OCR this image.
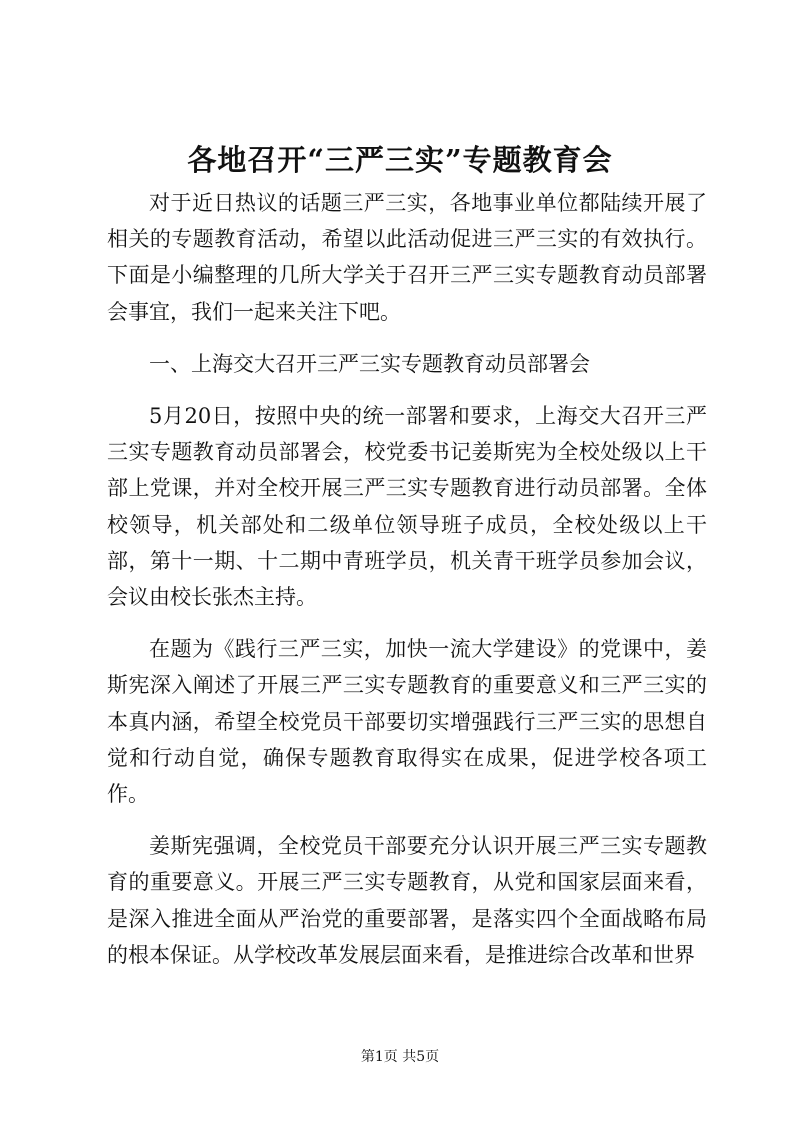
各地召开“三严三实”专题教育会

对于近日热议的话题三严三实，各地事业单位都陆续开展了相关的专题教育活动，希望以此活动促进三严三实的有效执行。下面是小编整理的几所大学关于召开三严三实专题教育动员部署会事宜，我们一起来关注下吧。

一、上海交大召开三严三实专题教育动员部署会

5月20日，按照中央的统一部署和要求，上海交大召开三严三实专题教育动员部署会，校党委书记姜斯宪为全校处级以上干部上党课，并对全校开展三严三实专题教育进行动员部署。全体校领导，机关部处和二级单位领导班子成员，全校处级以上干部，第十一期、十二期中青班学员，机关青干班学员参加会议，会议由校长张杰主持。

在题为《践行三严三实，加快一流大学建设》的党课中，姜斯宪深入阐述了开展三严三实专题教育的重要意义和三严三实的本真内涵，希望全校党员干部要切实增强践行三严三实的思想自觉和行动自觉，确保专题教育取得实在成果，促进学校各项工作。

姜斯宪强调，全校党员干部要充分认识开展三严三实专题教育的重要意义。开展三严三实专题教育，从党和国家层面来看，是深入推进全面从严治党的重要部署，是落实四个全面战略布局的根本保证。从学校改革发展层面来看，是推进综合改革和世界

第1页 共5页
